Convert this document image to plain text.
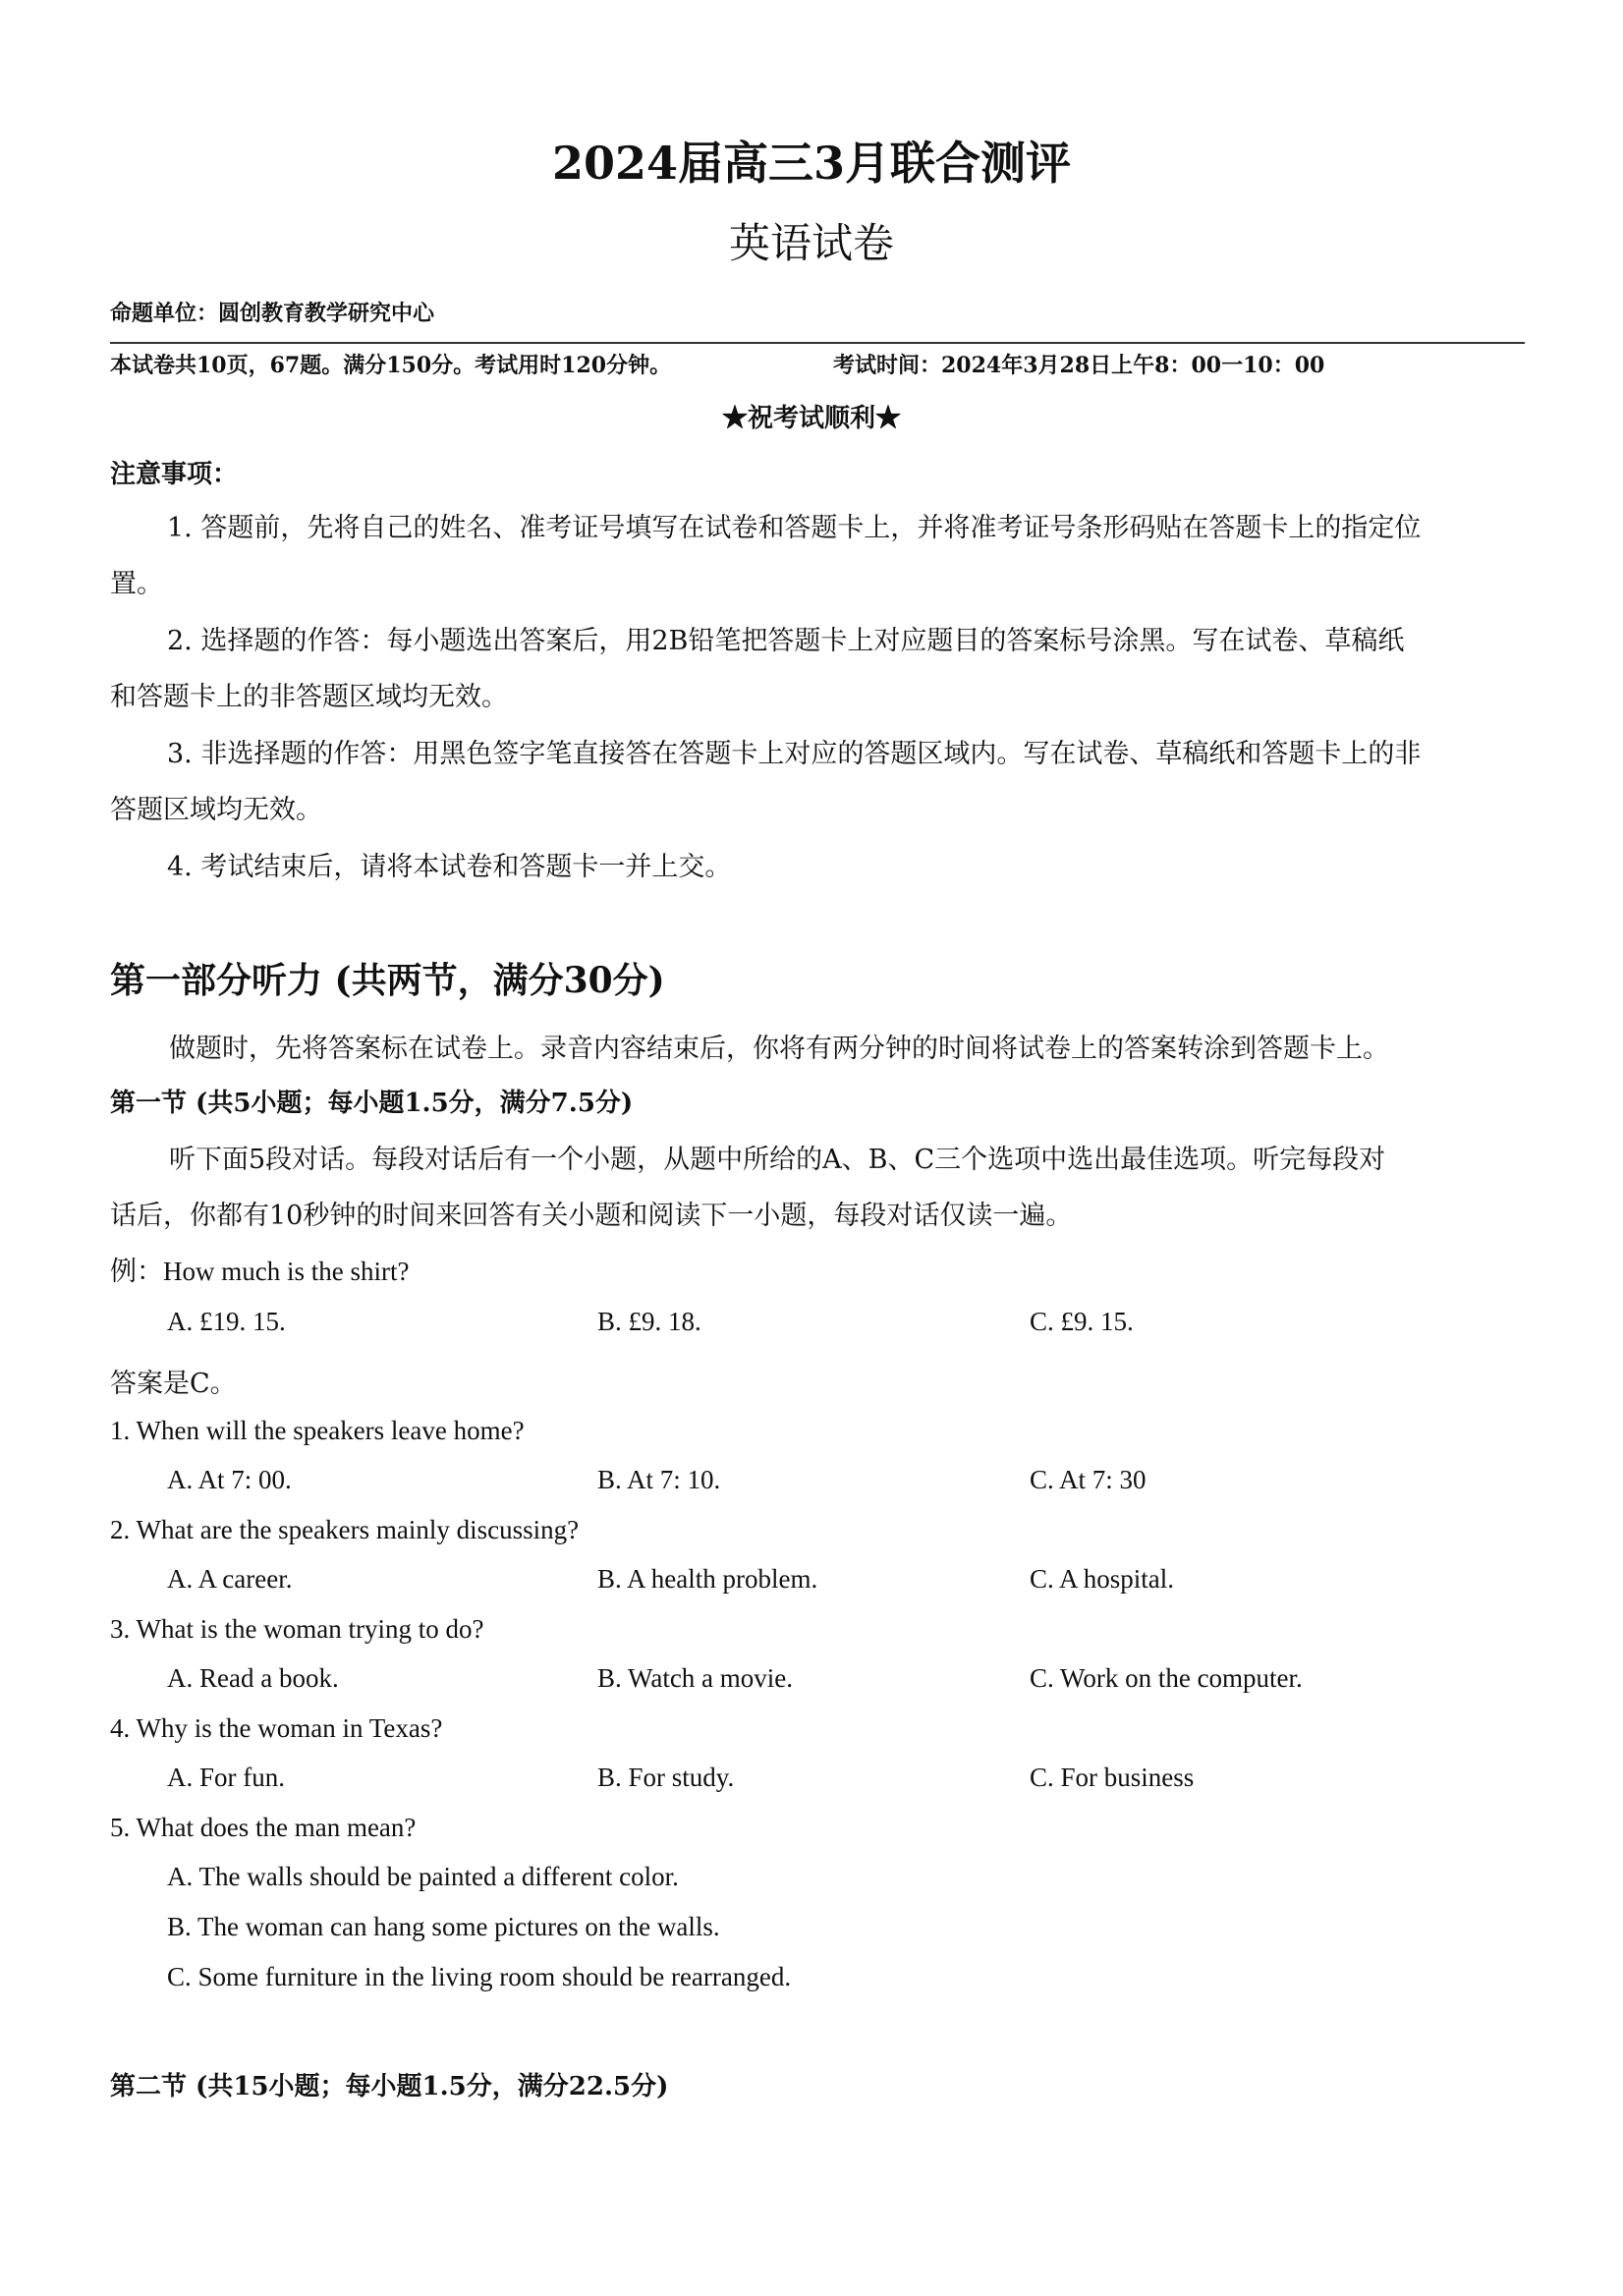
2024届高三3月联合测评
英语试卷
命题单位：圆创教育教学研究中心
本试卷共10页，67题。满分150分。考试用时120分钟。	考试时间：2024年3月28日上午8：00一10：00
★祝考试顺利★
注意事项：
1. 答题前，先将自己的姓名、准考证号填写在试卷和答题卡上，并将准考证号条形码贴在答题卡上的指定位
置。
2. 选择题的作答：每小题选出答案后，用2B铅笔把答题卡上对应题目的答案标号涂黑。写在试卷、草稿纸
和答题卡上的非答题区域均无效。
3. 非选择题的作答：用黑色签字笔直接答在答题卡上对应的答题区域内。写在试卷、草稿纸和答题卡上的非
答题区域均无效。
4. 考试结束后，请将本试卷和答题卡一并上交。
第一部分听力 (共两节，满分30分)
做题时，先将答案标在试卷上。录音内容结束后，你将有两分钟的时间将试卷上的答案转涂到答题卡上。
第一节 (共5小题；每小题1.5分，满分7.5分)
听下面5段对话。每段对话后有一个小题，从题中所给的A、B、C三个选项中选出最佳选项。听完每段对
话后，你都有10秒钟的时间来回答有关小题和阅读下一小题，每段对话仅读一遍。
例：How much is the shirt?
A. £19. 15.	B. £9. 18.	C. £9. 15.
答案是C。
1. When will the speakers leave home?
A. At 7: 00.	B. At 7: 10.	C. At 7: 30
2. What are the speakers mainly discussing?
A. A career.	B. A health problem.	C. A hospital.
3. What is the woman trying to do?
A. Read a book.	B. Watch a movie.	C. Work on the computer.
4. Why is the woman in Texas?
A. For fun.	B. For study.	C. For business
5. What does the man mean?
A. The walls should be painted a different color.
B. The woman can hang some pictures on the walls.
C. Some furniture in the living room should be rearranged.
第二节 (共15小题；每小题1.5分，满分22.5分)
